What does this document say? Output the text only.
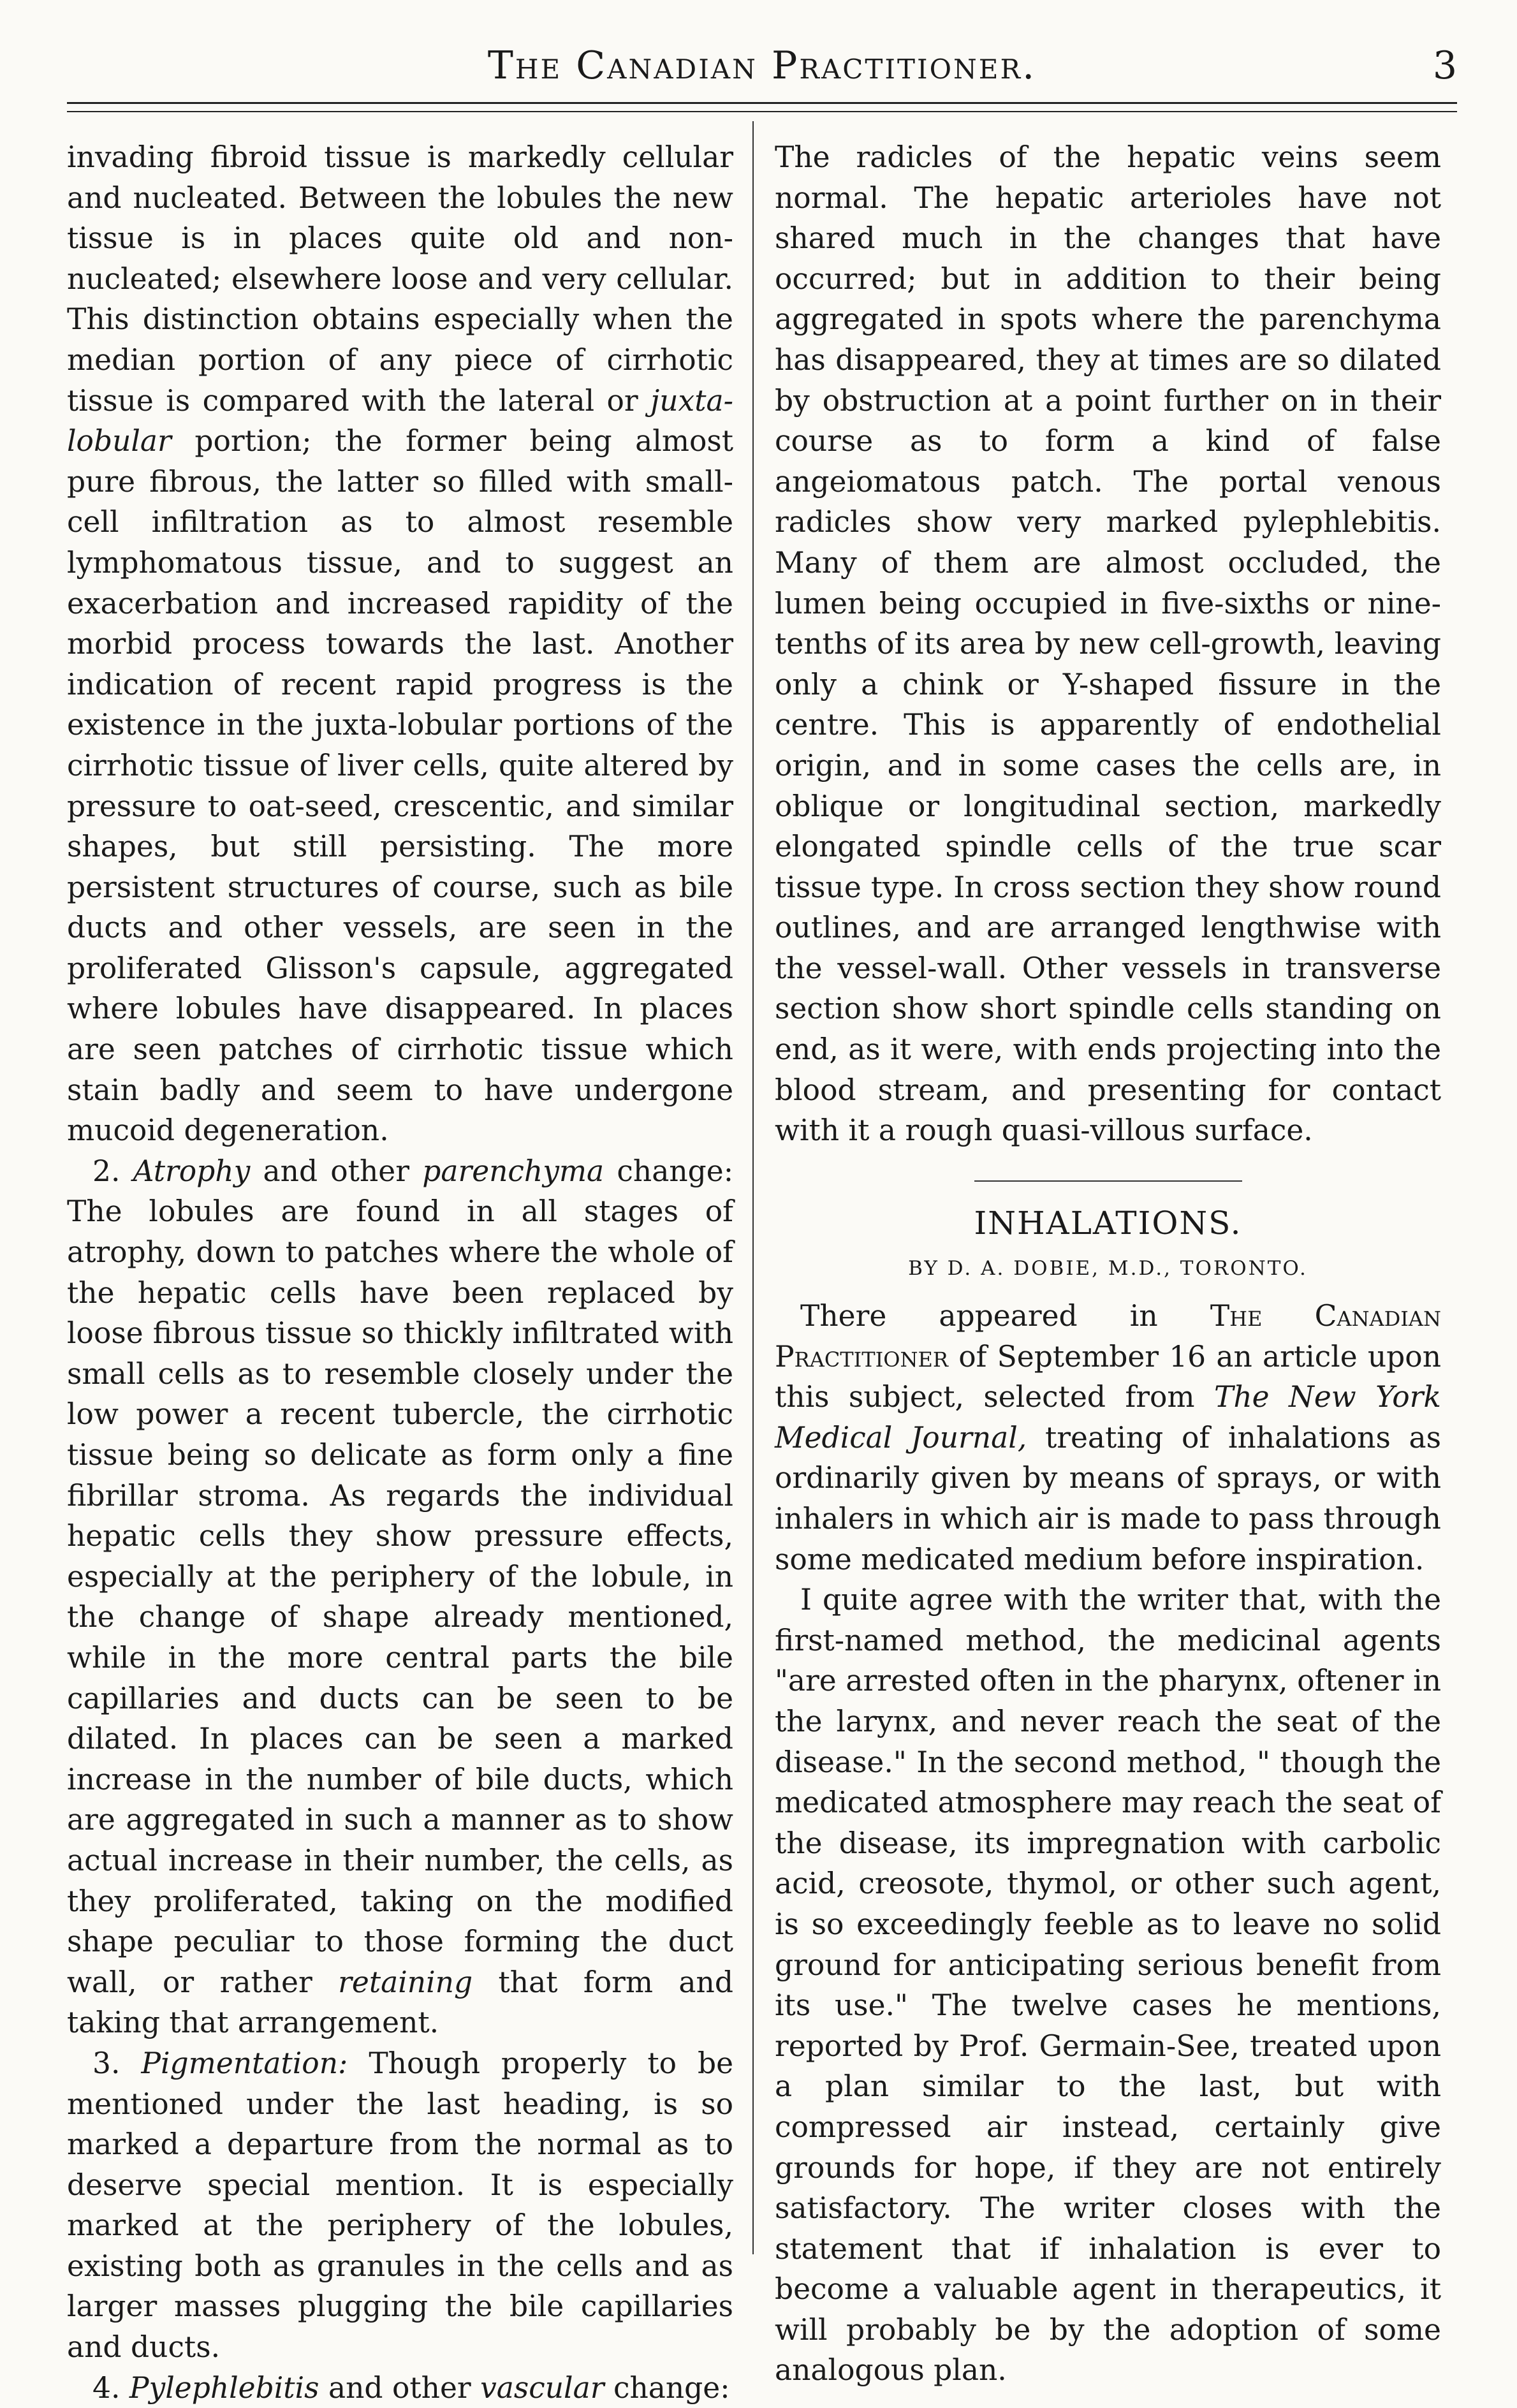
The Canadian Practitioner.	3

invading fibroid tissue is markedly cellular and nucleated. Between the lobules the new tissue is in places quite old and non-nucleated; elsewhere loose and very cellular. This distinction obtains especially when the median portion of any piece of cirrhotic tissue is compared with the lateral or juxta-lobular portion; the former being almost pure fibrous, the latter so filled with small-cell infiltration as to almost resemble lymphomatous tissue, and to suggest an exacerbation and increased rapidity of the morbid process towards the last. Another indication of recent rapid progress is the existence in the juxta-lobular portions of the cirrhotic tissue of liver cells, quite altered by pressure to oat-seed, crescentic, and similar shapes, but still persisting. The more persistent structures of course, such as bile ducts and other vessels, are seen in the proliferated Glisson's capsule, aggregated where lobules have disappeared. In places are seen patches of cirrhotic tissue which stain badly and seem to have undergone mucoid degeneration.

2. Atrophy and other parenchyma change: The lobules are found in all stages of atrophy, down to patches where the whole of the hepatic cells have been replaced by loose fibrous tissue so thickly infiltrated with small cells as to resemble closely under the low power a recent tubercle, the cirrhotic tissue being so delicate as form only a fine fibrillar stroma. As regards the individual hepatic cells they show pressure effects, especially at the periphery of the lobule, in the change of shape already mentioned, while in the more central parts the bile capillaries and ducts can be seen to be dilated. In places can be seen a marked increase in the number of bile ducts, which are aggregated in such a manner as to show actual increase in their number, the cells, as they proliferated, taking on the modified shape peculiar to those forming the duct wall, or rather retaining that form and taking that arrangement.

3. Pigmentation: Though properly to be mentioned under the last heading, is so marked a departure from the normal as to deserve special mention. It is especially marked at the periphery of the lobules, existing both as granules in the cells and as larger masses plugging the bile capillaries and ducts.

4. Pylephlebitis and other vascular change:

The radicles of the hepatic veins seem normal. The hepatic arterioles have not shared much in the changes that have occurred; but in addition to their being aggregated in spots where the parenchyma has disappeared, they at times are so dilated by obstruction at a point further on in their course as to form a kind of false angeiomatous patch. The portal venous radicles show very marked pylephlebitis. Many of them are almost occluded, the lumen being occupied in five-sixths or nine-tenths of its area by new cell-growth, leaving only a chink or Y-shaped fissure in the centre. This is apparently of endothelial origin, and in some cases the cells are, in oblique or longitudinal section, markedly elongated spindle cells of the true scar tissue type. In cross section they show round outlines, and are arranged lengthwise with the vessel-wall. Other vessels in transverse section show short spindle cells standing on end, as it were, with ends projecting into the blood stream, and presenting for contact with it a rough quasi-villous surface.

INHALATIONS.
BY D. A. DOBIE, M.D., TORONTO.

There appeared in The Canadian Practitioner of September 16 an article upon this subject, selected from The New York Medical Journal, treating of inhalations as ordinarily given by means of sprays, or with inhalers in which air is made to pass through some medicated medium before inspiration.

I quite agree with the writer that, with the first-named method, the medicinal agents "are arrested often in the pharynx, oftener in the larynx, and never reach the seat of the disease." In the second method, " though the medicated atmosphere may reach the seat of the disease, its impregnation with carbolic acid, creosote, thymol, or other such agent, is so exceedingly feeble as to leave no solid ground for anticipating serious benefit from its use." The twelve cases he mentions, reported by Prof. Germain-See, treated upon a plan similar to the last, but with compressed air instead, certainly give grounds for hope, if they are not entirely satisfactory. The writer closes with the statement that if inhalation is ever to become a valuable agent in therapeutics, it will probably be by the adoption of some analogous plan.
